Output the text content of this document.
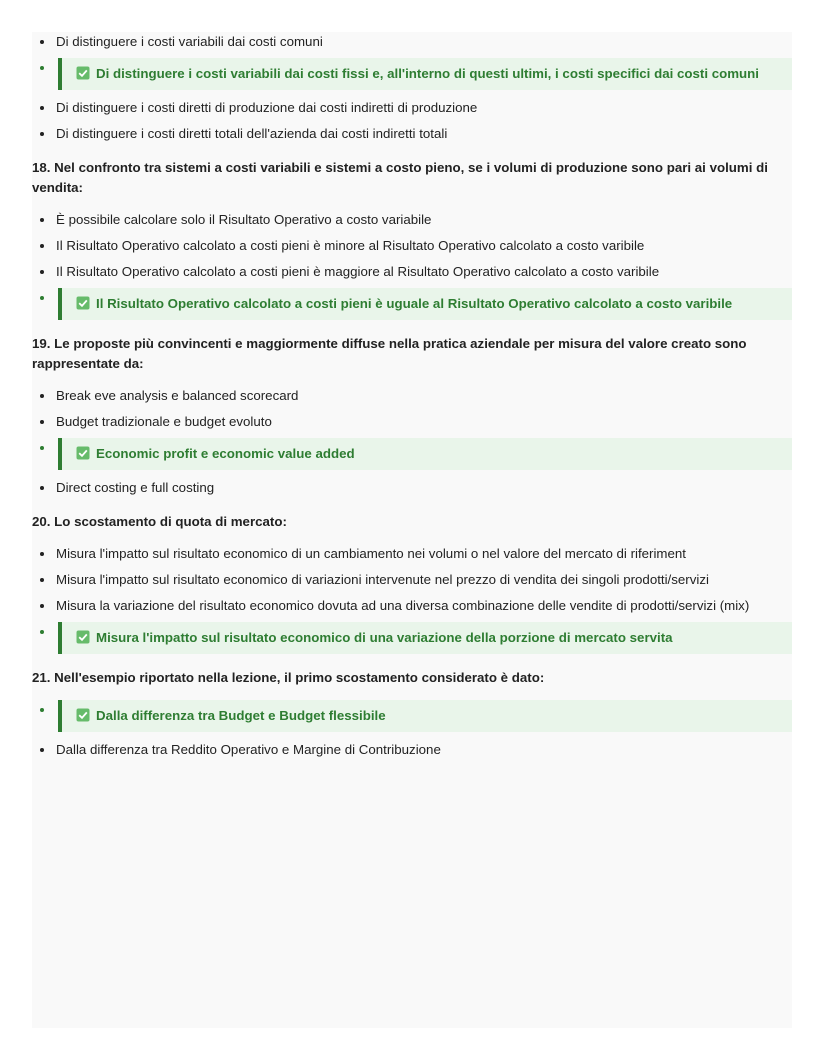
Di distinguere i costi variabili dai costi comuni
Di distinguere i costi variabili dai costi fissi e, all'interno di questi ultimi, i costi specifici dai costi comuni
Di distinguere i costi diretti di produzione dai costi indiretti di produzione
Di distinguere i costi diretti totali dell'azienda dai costi indiretti totali
18. Nel confronto tra sistemi a costi variabili e sistemi a costo pieno, se i volumi di produzione sono pari ai volumi di vendita:
È possibile calcolare solo il Risultato Operativo a costo variabile
Il Risultato Operativo calcolato a costi pieni è minore al Risultato Operativo calcolato a costo varibile
Il Risultato Operativo calcolato a costi pieni è maggiore al Risultato Operativo calcolato a costo varibile
Il Risultato Operativo calcolato a costi pieni è uguale al Risultato Operativo calcolato a costo varibile
19. Le proposte più convincenti e maggiormente diffuse nella pratica aziendale per misura del valore creato sono rappresentate da:
Break eve analysis e balanced scorecard
Budget tradizionale e budget evoluto
Economic profit e economic value added
Direct costing e full costing
20. Lo scostamento di quota di mercato:
Misura l'impatto sul risultato economico di un cambiamento nei volumi o nel valore del mercato di riferiment
Misura l'impatto sul risultato economico di variazioni intervenute nel prezzo di vendita dei singoli prodotti/servizi
Misura la variazione del risultato economico dovuta ad una diversa combinazione delle vendite di prodotti/servizi (mix)
Misura l'impatto sul risultato economico di una variazione della porzione di mercato servita
21. Nell'esempio riportato nella lezione, il primo scostamento considerato è dato:
Dalla differenza tra Budget e Budget flessibile
Dalla differenza tra Reddito Operativo e Margine di Contribuzione
